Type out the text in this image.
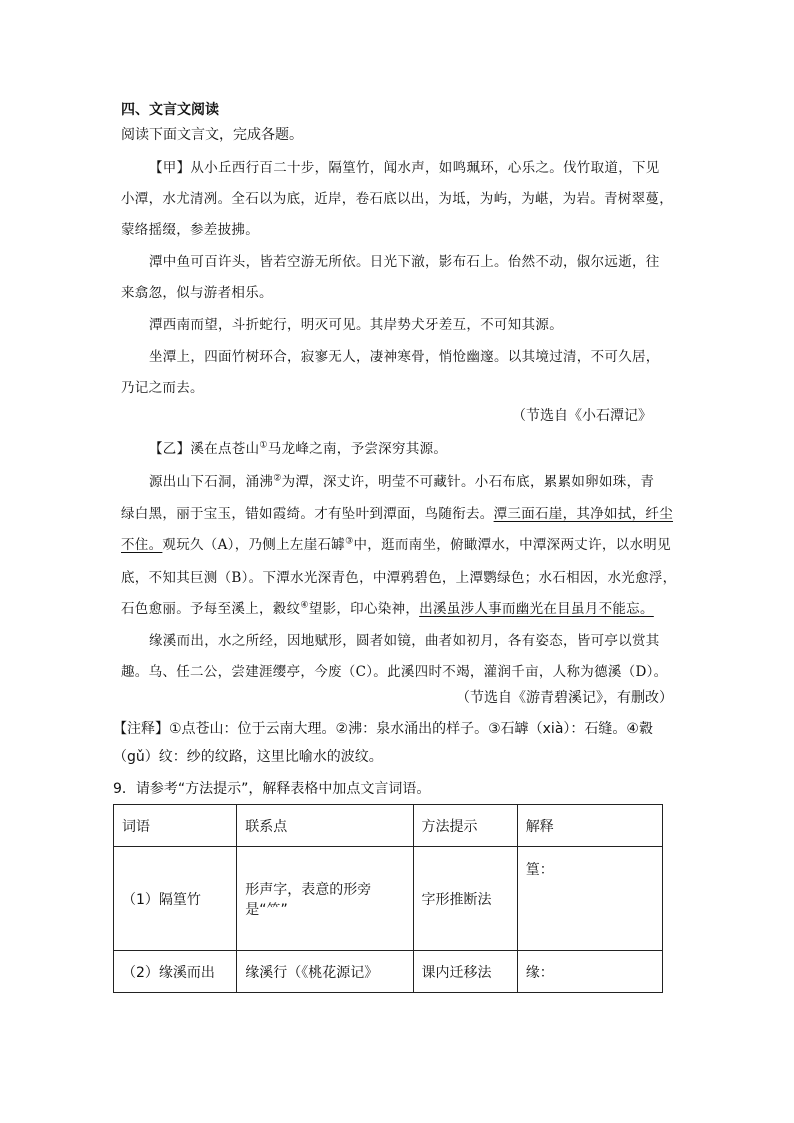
四、文言文阅读
阅读下面文言文，完成各题。
【甲】从小丘西行百二十步，隔篁竹，闻水声，如鸣珮环，心乐之。伐竹取道，下见
小潭，水尤清冽。全石以为底，近岸，卷石底以出，为坻，为屿，为嵁，为岩。青树翠蔓，
蒙络摇缀，参差披拂。
潭中鱼可百许头，皆若空游无所依。日光下澈，影布石上。佁然不动，俶尔远逝，往
来翕忽，似与游者相乐。
潭西南而望，斗折蛇行，明灭可见。其岸势犬牙差互，不可知其源。
坐潭上，四面竹树环合，寂寥无人，凄神寒骨，悄怆幽邃。以其境过清，不可久居，
乃记之而去。
（节选自《小石潭记》
【乙】溪在点苍山①马龙峰之南，予尝深穷其源。
源出山下石洞，涌沸②为潭，深丈许，明莹不可藏针。小石布底，累累如卵如珠，青
绿白黑，丽于宝玉，错如霞绮。才有坠叶到潭面，鸟随衔去。潭三面石崖，其净如拭，纤尘
不住。观玩久（A），乃侧上左崖石罅③中，逛而南坐，俯瞰潭水，中潭深两丈许，以水明见
底，不知其巨测（B）。下潭水光深青色，中潭鸦碧色，上潭鹦绿色；水石相因，水光愈浮，
石色愈丽。予每至溪上，縠纹④望影，印心染神，出溪虽涉人事而幽光在目虽月不能忘。
缘溪而出，水之所经，因地赋形，圆者如镜，曲者如初月，各有姿态，皆可亭以赏其
趣。乌、任二公，尝建涯缨亭，今废（C）。此溪四时不竭，灌润千亩，人称为德溪（D）。
（节选自《游青碧溪记》，有删改）
【注释】①点苍山：位于云南大理。②沸：泉水涌出的样子。③石罅（xià）：石缝。④縠
（gǔ）纹：纱的纹路，这里比喻水的波纹。
9．请参考“方法提示”，解释表格中加点文言词语。
词语	联系点	方法提示	解释
（1）隔篁竹	形声字，表意的形旁是“⺮”	字形推断法	篁：
（2）缘溪而出	缘溪行（《桃花源记》	课内迁移法	缘：
